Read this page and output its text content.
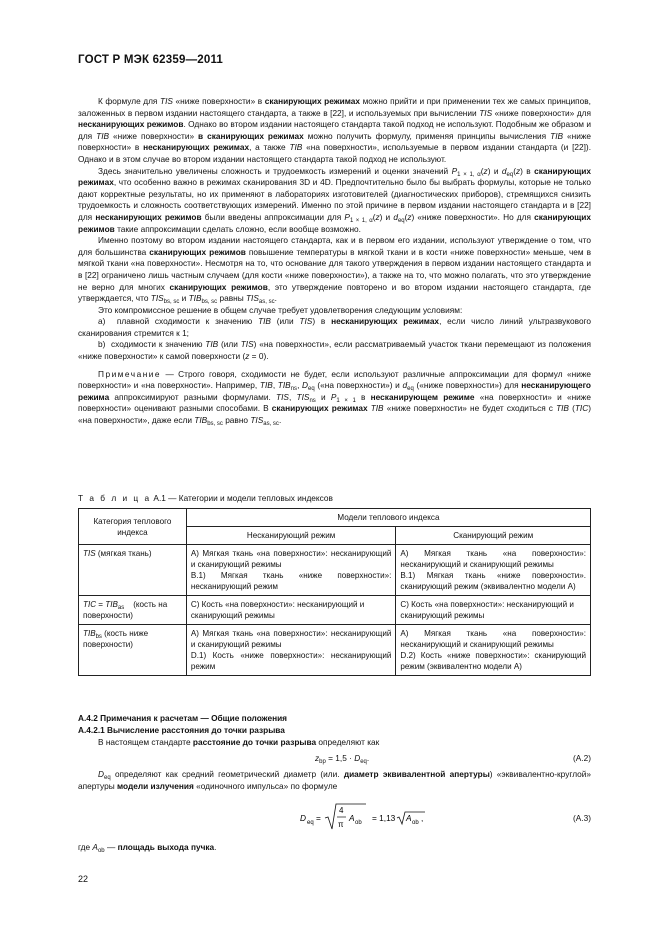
ГОСТ Р МЭК 62359—2011

К формуле для TIS «ниже поверхности» в сканирующих режимах можно прийти и при применении тех же самых принципов, заложенных в первом издании настоящего стандарта, а также в [22], и используемых при вычислении TIS «ниже поверхности» для несканирующих режимов. Однако во втором издании настоящего стандарта такой подход не используют. Подобным же образом и для TIB «ниже поверхности» в сканирующих режимах можно получить формулу, применяя принципы вычисления TIB «ниже поверхности» в несканирующих режимах, а также TIB «на поверхности», используемые в первом издании стандарта (и [22]). Однако и в этом случае во втором издании настоящего стандарта такой подход не используют.

Здесь значительно увеличены сложность и трудоемкость измерений и оценки значений $P_{1 \times 1, \alpha}(z)$ и $d_{eq}(z)$ в сканирующих режимах, что особенно важно в режимах сканирования 3D и 4D. Предпочтительно было бы выбрать формулы, которые не только дают корректные результаты, но их применяют в лабораториях изготовителей (диагностических приборов), стремящихся снизить трудоемкость и сложность соответствующих измерений. Именно по этой причине в первом издании настоящего стандарта и в [22] для несканирующих режимов были введены аппроксимации для $P_{1 \times 1, \alpha}(z)$ и $d_{eq}(z)$ «ниже поверхности». Но для сканирующих режимов такие аппроксимации сделать сложно, если вообще возможно.

Именно поэтому во втором издании настоящего стандарта, как и в первом его издании, используют утверждение о том, что для большинства сканирующих режимов повышение температуры в мягкой ткани и в кости «ниже поверхности» меньше, чем в мягкой ткани «на поверхности». Несмотря на то, что основание для такого утверждения в первом издании настоящего стандарта и в [22] ограничено лишь частным случаем (для кости «ниже поверхности»), а также на то, что можно полагать, что это утверждение не верно для многих сканирующих режимов, это утверждение повторено и во втором издании настоящего стандарта, где утверждается, что $TIS_{bs, sc}$ и $TIB_{bs, sc}$ равны $TIS_{as, sc}$.

Это компромиссное решение в общем случае требует удовлетворения следующим условиям:

а)  плавной сходимости к значению TIB (или TIS) в несканирующих режимах, если число линий ультразвукового сканирования стремится к 1;

b)  сходимости к значению TIB (или TIS) «на поверхности», если рассматриваемый участок ткани перемещают из положения «ниже поверхности» к самой поверхности (z = 0).

Примечание — Строго говоря, сходимости не будет, если используют различные аппроксимации для формул «ниже поверхности» и «на поверхности». Например, TIB, $TIB_{ns}$, $D_{eq}$ («на поверхности») и $d_{eq}$ («ниже поверхности») для несканирующего режима аппроксимируют разными формулами. TIS, $TIS_{ns}$ и $P_{1 \times 1}$ в несканирующем режиме «на поверхности» и «ниже поверхности» оценивают разными способами. В сканирующих режимах TIB «ниже поверхности» не будет сходиться с TIB (TIC) «на поверхности», даже если $TIB_{bs, sc}$ равно $TIS_{as, sc}$.

Т а б л и ц а А.1 — Категории и модели тепловых индексов
Категория теплового индекса	Модели теплового индекса	
	Несканирующий режим	Сканирующий режим
TIS (мягкая ткань)	А) Мягкая ткань «на поверхности»: несканирующий и сканирующий режимы
В.1) Мягкая ткань «ниже поверхности»: несканирующий режим	А) Мягкая ткань «на поверхности»: несканирующий и сканирующий режимы
В.1) Мягкая ткань «ниже поверхности». сканирующий режим (эквивалентно модели А)
TIC = $TIB_{as}$    (кость на поверхности)	С) Кость «на поверхности»: несканирующий и сканирующий режимы	С) Кость «на поверхности»: несканирующий и сканирующий режимы
$TIB_{bs}$ (кость ниже поверхности)	А) Мягкая ткань «на поверхности»: несканирующий и сканирующий режимы
D.1) Кость «ниже поверхности»: несканирующий режим	А) Мягкая ткань «на поверхности»: несканирующий и сканирующий режимы
D.2) Кость «ниже поверхности»: сканирующий режим (эквивалентно модели А)
А.4.2 Примечания к расчетам — Общие положения
А.4.2.1 Вычисление расстояния до точки разрыва
В настоящем стандарте расстояние до точки разрыва определяют как
$z_{bp} = 1,5 \cdot D_{eq}$.	(А.2)
$D_{eq}$ определяют как средний геометрический диаметр (или. диаметр эквивалентной апертуры) «эквивалентно-круглой» апертуры модели излучения «одиночного импульса» по формуле
D eq =
4
π
A ob = 1,13 A ob ,	(А.3)
где $A_{ob}$ — площадь выхода пучка.
22
